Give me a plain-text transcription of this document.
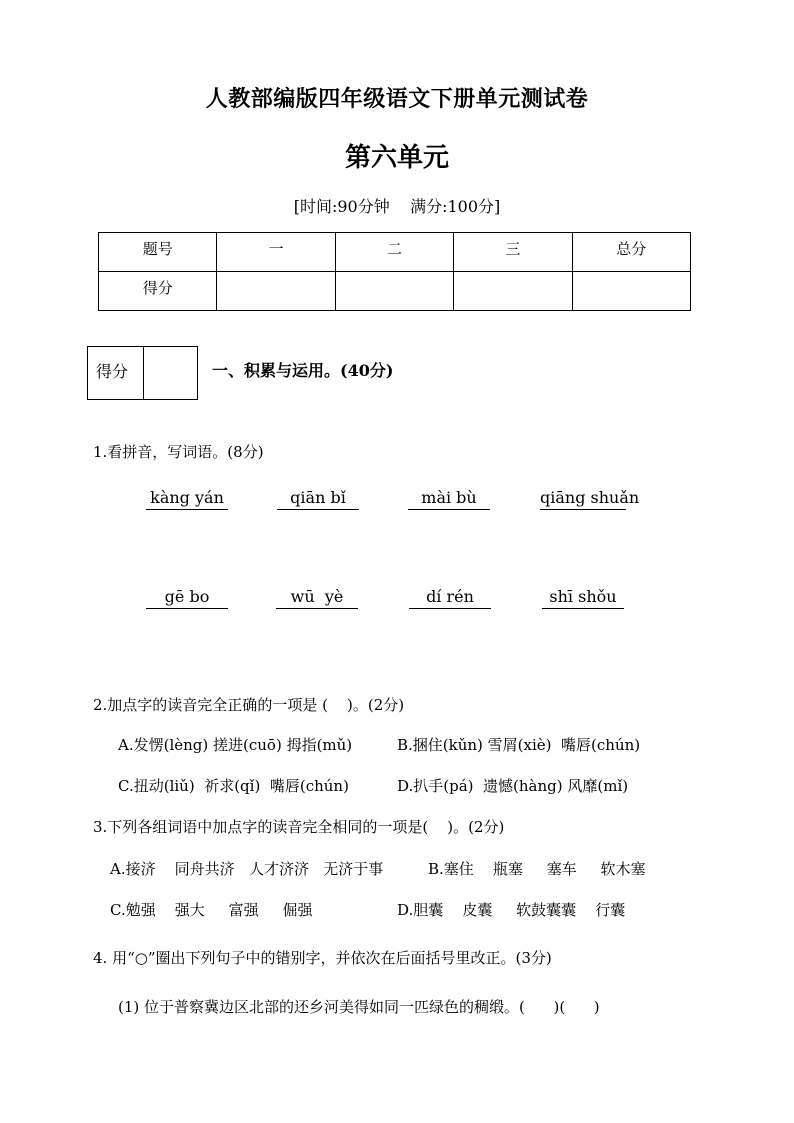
人教部编版四年级语文下册单元测试卷
第六单元
[时间:90分钟    满分:100分]
题号	一	二	三	总分
得分				
得分	一、积累与运用。(40分)
1.看拼音，写词语。(8分)
kàng yán	qiān bǐ	mài bù	qiāng shuǎn
gē bo	wū  yè	dí rén	shī shǒu
2.加点字的读音完全正确的一项是 (    )。(2分)
A.发愣(lèng) 搓进(cuō) 拇指(mǔ)	B.捆住(kǔn) 雪屑(xiè)  嘴唇(chún)
C.扭动(liǔ)  祈求(qǐ)  嘴唇(chún)	D.扒手(pá)  遗憾(hàng) 风靡(mǐ)
3.下列各组词语中加点字的读音完全相同的一项是(    )。(2分)
A.接济    同舟共济   人才济济   无济于事	B.塞住    瓶塞     塞车     软木塞
C.勉强    强大     富强     倔强	D.胆囊    皮囊     软鼓囊囊    行囊
4. 用“○”圈出下列句子中的错别字，并依次在后面括号里改正。(3分)
(1) 位于普察冀边区北部的还乡河美得如同一匹绿色的稠缎。(      )(      )
